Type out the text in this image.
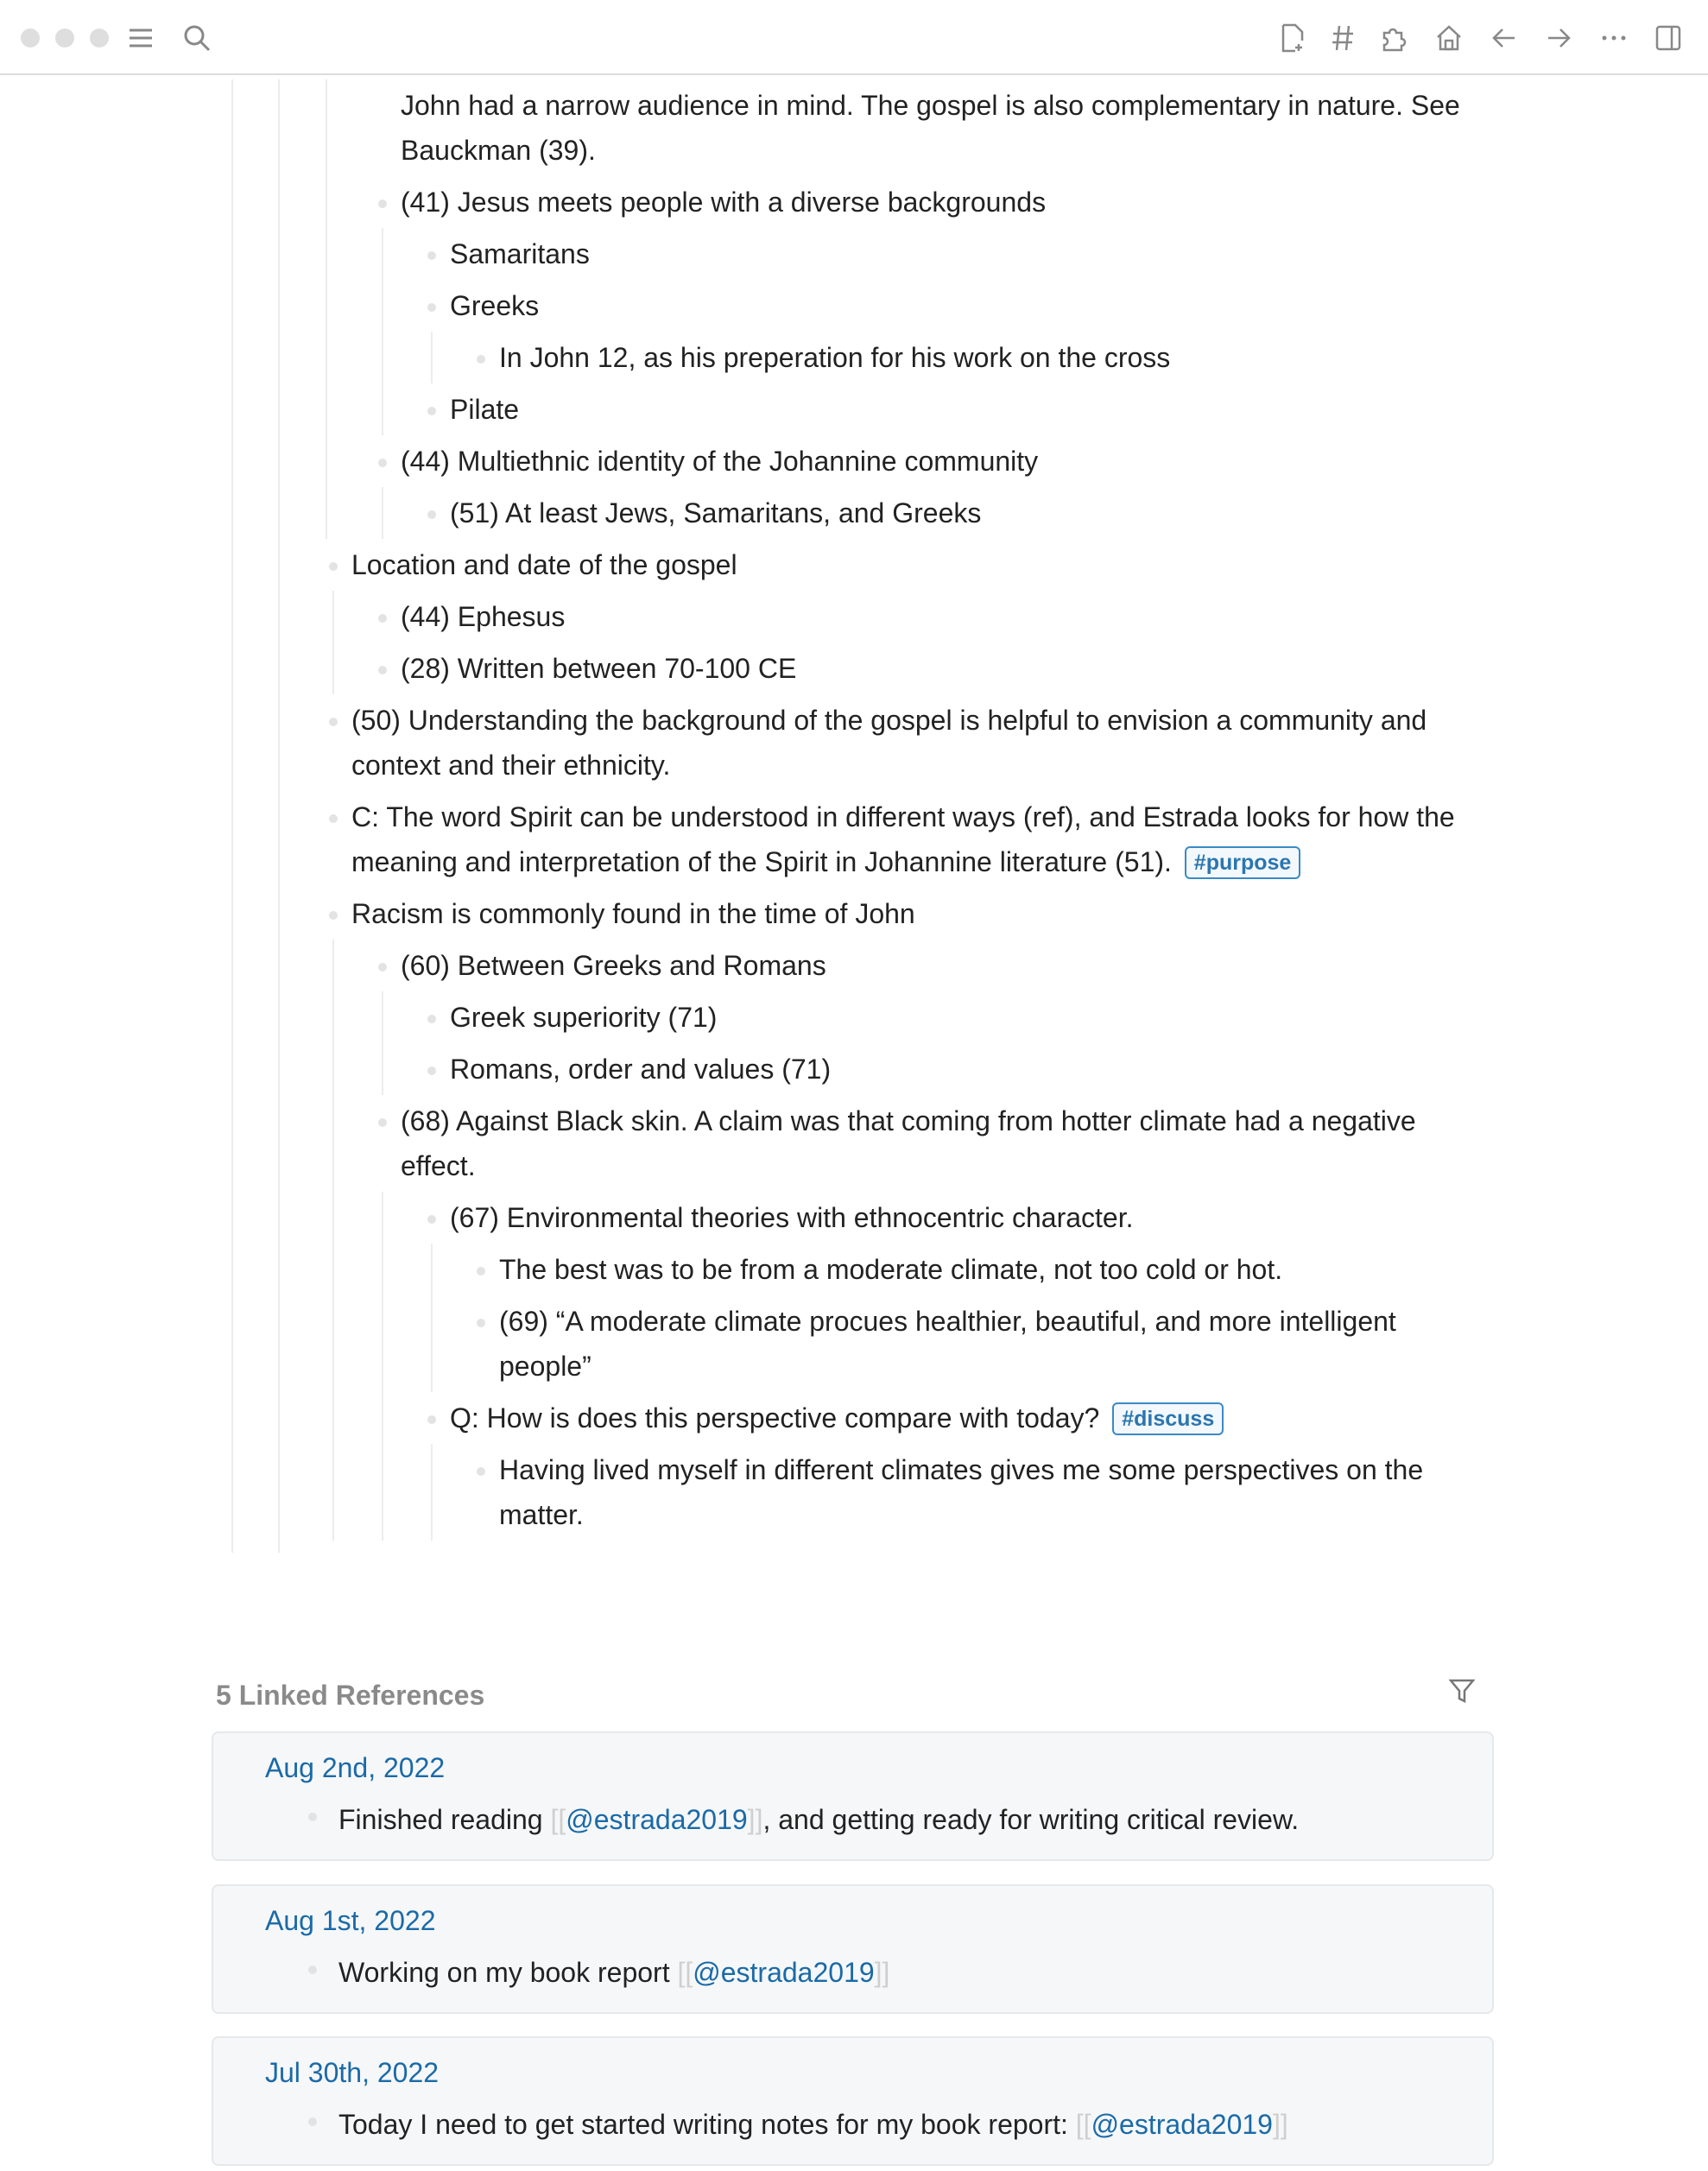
John had a narrow audience in mind. The gospel is also complementary in nature. See Bauckman (39).
(41) Jesus meets people with a diverse backgrounds
Samaritans
Greeks
In John 12, as his preperation for his work on the cross
Pilate
(44) Multiethnic identity of the Johannine community
(51) At least Jews, Samaritans, and Greeks
Location and date of the gospel
(44) Ephesus
(28) Written between 70-100 CE
(50) Understanding the background of the gospel is helpful to envision a community and context and their ethnicity.
C: The word Spirit can be understood in different ways (ref), and Estrada looks for how the meaning and interpretation of the Spirit in Johannine literature (51). #purpose
Racism is commonly found in the time of John
(60) Between Greeks and Romans
Greek superiority (71)
Romans, order and values (71)
(68) Against Black skin. A claim was that coming from hotter climate had a negative effect.
(67) Environmental theories with ethnocentric character.
The best was to be from a moderate climate, not too cold or hot.
(69) “A moderate climate procues healthier, beautiful, and more intelligent people”
Q: How is does this perspective compare with today? #discuss
Having lived myself in different climates gives me some perspectives on the matter.
5 Linked References
Aug 2nd, 2022
Finished reading [[@estrada2019]], and getting ready for writing critical review.
Aug 1st, 2022
Working on my book report [[@estrada2019]]
Jul 30th, 2022
Today I need to get started writing notes for my book report: [[@estrada2019]]
